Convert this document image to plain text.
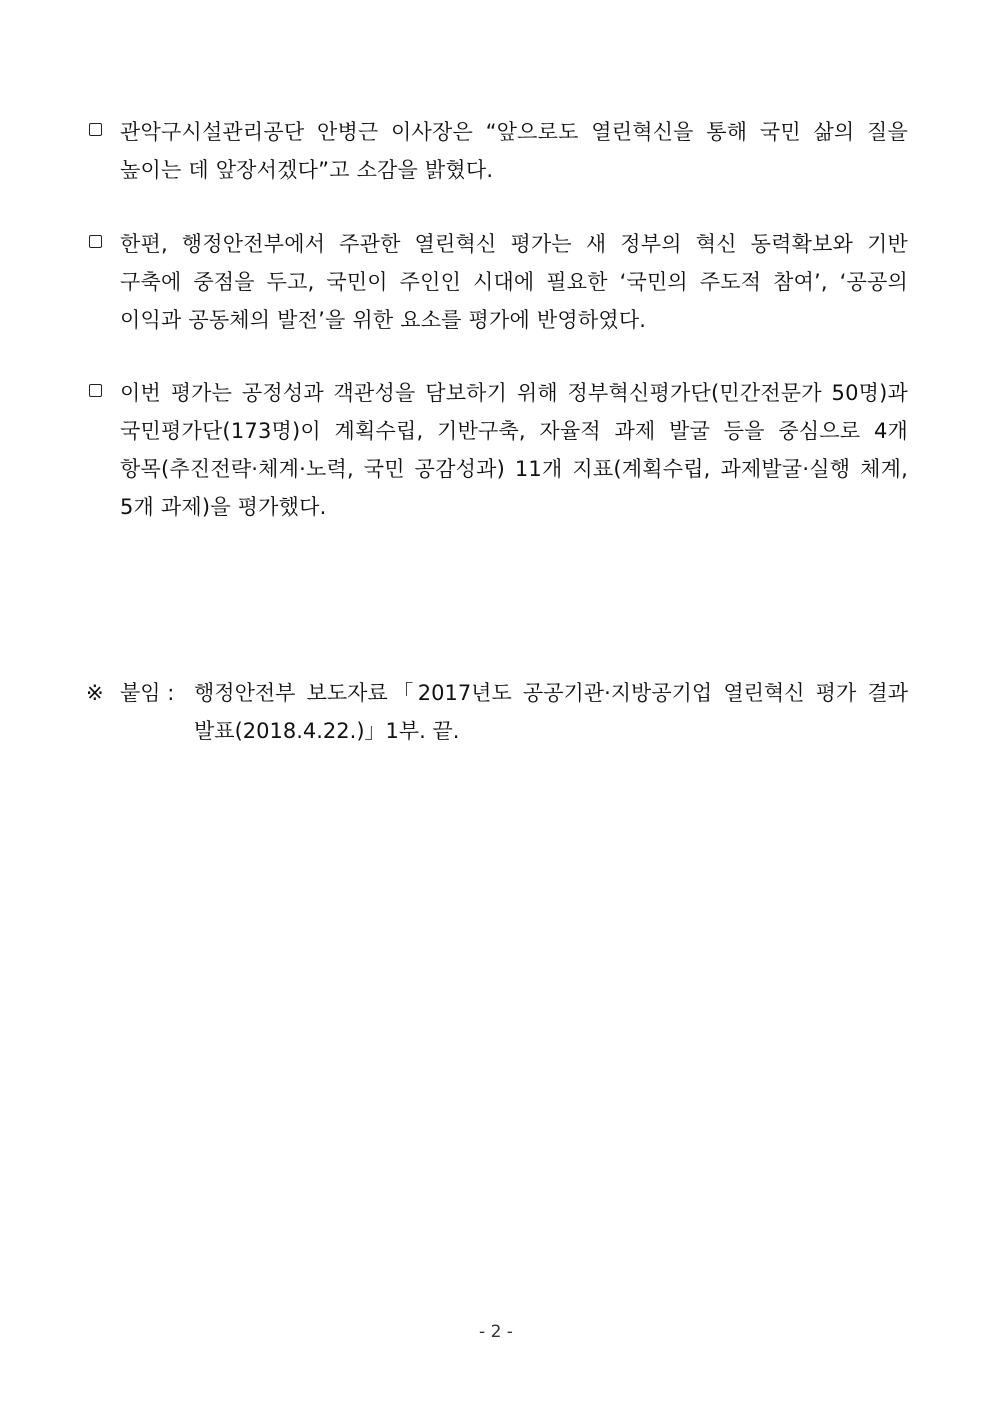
관악구시설관리공단 안병근 이사장은 “앞으로도 열린혁신을 통해 국민 삶의 질을
높이는 데 앞장서겠다”고 소감을 밝혔다.
한편, 행정안전부에서 주관한 열린혁신 평가는 새 정부의 혁신 동력확보와 기반
구축에 중점을 두고, 국민이 주인인 시대에 필요한 ‘국민의 주도적 참여’, ‘공공의
이익과 공동체의 발전’을 위한 요소를 평가에 반영하였다.
이번 평가는 공정성과 객관성을 담보하기 위해 정부혁신평가단(민간전문가 50명)과
국민평가단(173명)이 계획수립, 기반구축, 자율적 과제 발굴 등을 중심으로 4개
항목(추진전략·체계·노력, 국민 공감성과) 11개 지표(계획수립, 과제발굴·실행 체계,
5개 과제)을 평가했다.
※ 붙임 : 행정안전부 보도자료「2017년도 공공기관·지방공기업 열린혁신 평가 결과
발표(2018.4.22.)」1부. 끝.
- 2 -
